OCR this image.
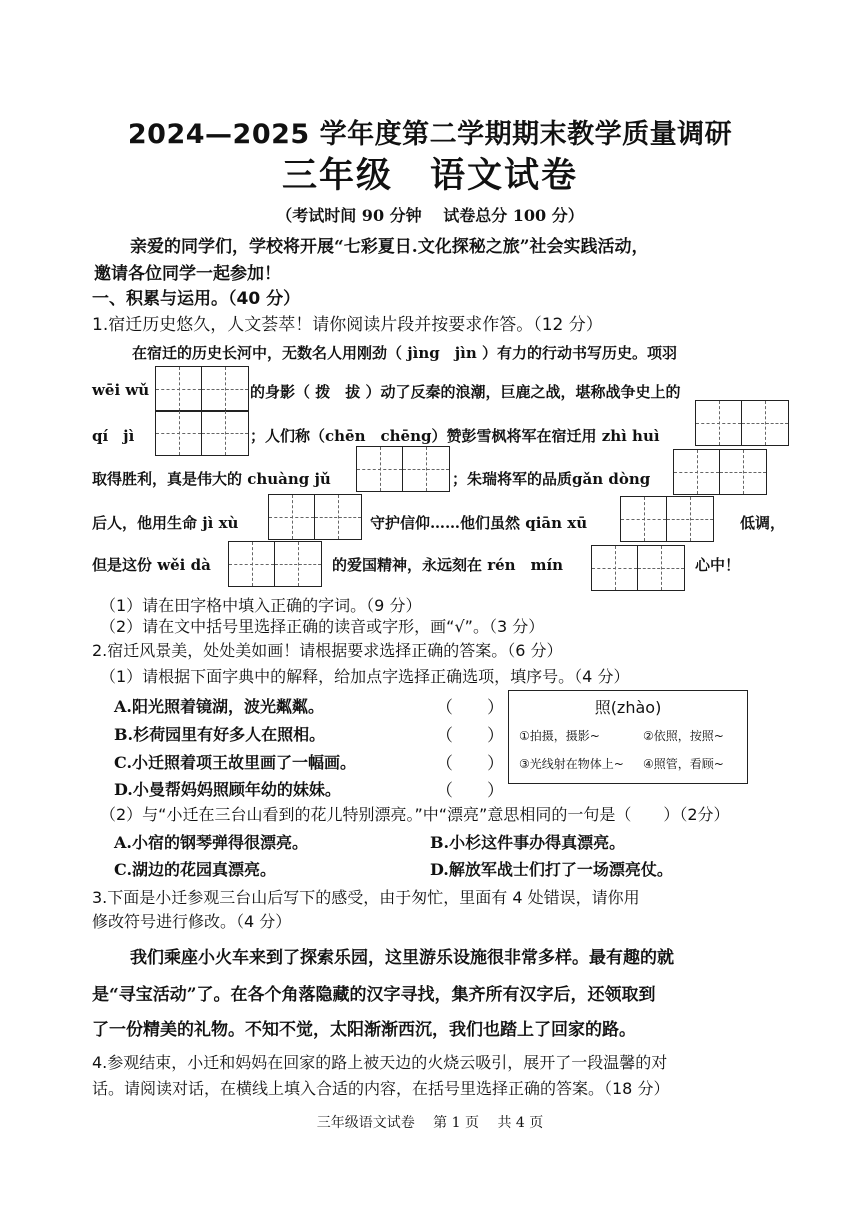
2024—2025 学年度第二学期期末教学质量调研
三年级　语文试卷
（考试时间 90 分钟　 试卷总分 100 分）
亲爱的同学们，学校将开展“七彩夏日.文化探秘之旅”社会实践活动，
邀请各位同学一起参加！
一、积累与运用。（40 分）
1.宿迁历史悠久，人文荟萃！请你阅读片段并按要求作答。（12 分）
在宿迁的历史长河中，无数名人用刚劲（ jìng　jìn ）有力的行动书写历史。项羽
wēi wǔ	的身影（ 拨　拔 ）动了反秦的浪潮，巨鹿之战，堪称战争史上的
qí　jì	；人们称（chēn　chēng）赞彭雪枫将军在宿迁用 zhì huì
取得胜利，真是伟大的 chuàng jǔ	；朱瑞将军的品质gǎn dòng
后人，他用生命 jì xù	守护信仰……他们虽然 qiān xū	低调，
但是这份 wěi dà	的爱国精神，永远刻在 rén　mín	心中！
（1）请在田字格中填入正确的字词。（9 分）
（2）请在文中括号里选择正确的读音或字形，画“√”。（3 分）
2.宿迁风景美，处处美如画！请根据要求选择正确的答案。（6 分）
（1）请根据下面字典中的解释，给加点字选择正确选项，填序号。（4 分）
A.阳光照着镜湖，波光粼粼。
B.杉荷园里有好多人在照相。
C.小迁照着项王故里画了一幅画。
D.小曼帮妈妈照顾年幼的妹妹。
（　　）
（　　）
（　　）
（　　）
照(zhào)
①拍摄，摄影~	②依照，按照~
③光线射在物体上~ ④照管，看顾~
（2）与“小迁在三台山看到的花儿特别漂亮。”中“漂亮”意思相同的一句是（　　）（2分）
A.小宿的钢琴弹得很漂亮。	B.小杉这件事办得真漂亮。
C.湖边的花园真漂亮。	D.解放军战士们打了一场漂亮仗。
3.下面是小迁参观三台山后写下的感受，由于匆忙，里面有 4 处错误，请你用
修改符号进行修改。（4 分）
我们乘座小火车来到了探索乐园，这里游乐设施很非常多样。最有趣的就
是“寻宝活动”了。在各个角落隐藏的汉字寻找，集齐所有汉字后，还领取到
了一份精美的礼物。不知不觉，太阳渐渐西沉，我们也踏上了回家的路。
4.参观结束，小迁和妈妈在回家的路上被天边的火烧云吸引，展开了一段温馨的对
话。请阅读对话，在横线上填入合适的内容，在括号里选择正确的答案。（18 分）
三年级语文试卷　 第 1 页　 共 4 页
